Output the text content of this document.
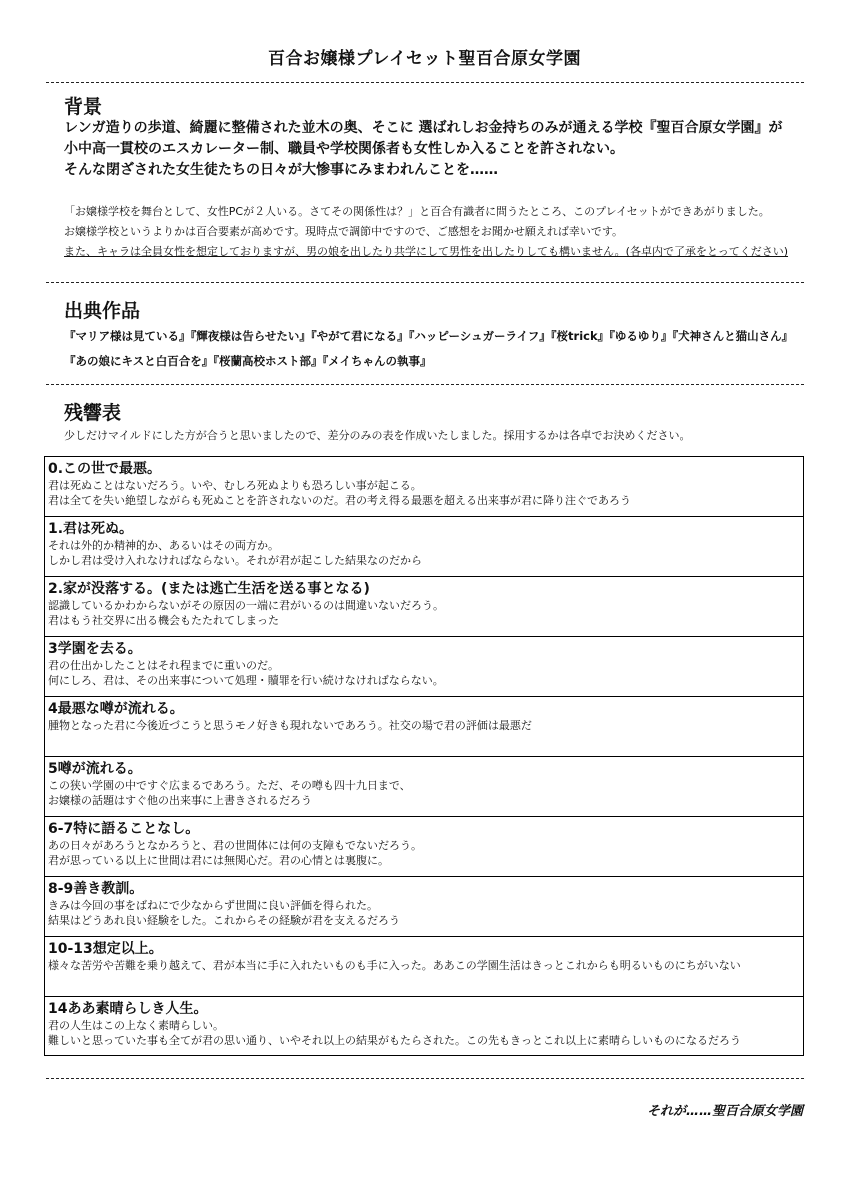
百合お嬢様プレイセット聖百合原女学園
背景
レンガ造りの歩道、綺麗に整備された並木の奥、そこに 選ばれしお金持ちのみが通える学校『聖百合原女学園』が
小中高一貫校のエスカレーター制、職員や学校関係者も女性しか入ることを許されない。
そんな閉ざされた女生徒たちの日々が大惨事にみまわれんことを……
「お嬢様学校を舞台として、女性PCが２人いる。さてその関係性は？」と百合有識者に問うたところ、このプレイセットができあがりました。
お嬢様学校というよりかは百合要素が高めです。現時点で調節中ですので、ご感想をお聞かせ願えれば幸いです。
また、キャラは全員女性を想定しておりますが、男の娘を出したり共学にして男性を出したりしても構いません。(各卓内で了承をとってください)
出典作品
『マリア様は見ている』『輝夜様は告らせたい』『やがて君になる』『ハッピーシュガーライフ』『桜trick』『ゆるゆり』『犬神さんと猫山さん』
『あの娘にキスと白百合を』『桜蘭高校ホスト部』『メイちゃんの執事』
残響表
少しだけマイルドにした方が合うと思いましたので、差分のみの表を作成いたしました。採用するかは各卓でお決めください。
0.この世で最悪。
君は死ぬことはないだろう。いや、むしろ死ぬよりも恐ろしい事が起こる。
君は全てを失い絶望しながらも死ぬことを許されないのだ。君の考え得る最悪を超える出来事が君に降り注ぐであろう
1.君は死ぬ。
それは外的か精神的か、あるいはその両方か。
しかし君は受け入れなければならない。それが君が起こした結果なのだから
2.家が没落する。(または逃亡生活を送る事となる)
認識しているかわからないがその原因の一端に君がいるのは間違いないだろう。
君はもう社交界に出る機会もたたれてしまった
3学園を去る。
君の仕出かしたことはそれ程までに重いのだ。
何にしろ、君は、その出来事について処理・贖罪を行い続けなければならない。
4最悪な噂が流れる。
腫物となった君に今後近づこうと思うモノ好きも現れないであろう。社交の場で君の評価は最悪だ
5噂が流れる。
この狭い学園の中ですぐ広まるであろう。ただ、その噂も四十九日まで、
お嬢様の話題はすぐ他の出来事に上書きされるだろう
6-7特に語ることなし。
あの日々があろうとなかろうと、君の世間体には何の支障もでないだろう。
君が思っている以上に世間は君には無関心だ。君の心情とは裏腹に。
8-9善き教訓。
きみは今回の事をばねにで少なからず世間に良い評価を得られた。
結果はどうあれ良い経験をした。これからその経験が君を支えるだろう
10-13想定以上。
様々な苦労や苦難を乗り越えて、君が本当に手に入れたいものも手に入った。ああこの学園生活はきっとこれからも明るいものにちがいない
14ああ素晴らしき人生。
君の人生はこの上なく素晴らしい。
難しいと思っていた事も全てが君の思い通り、いやそれ以上の結果がもたらされた。この先もきっとこれ以上に素晴らしいものになるだろう
それが……聖百合原女学園
